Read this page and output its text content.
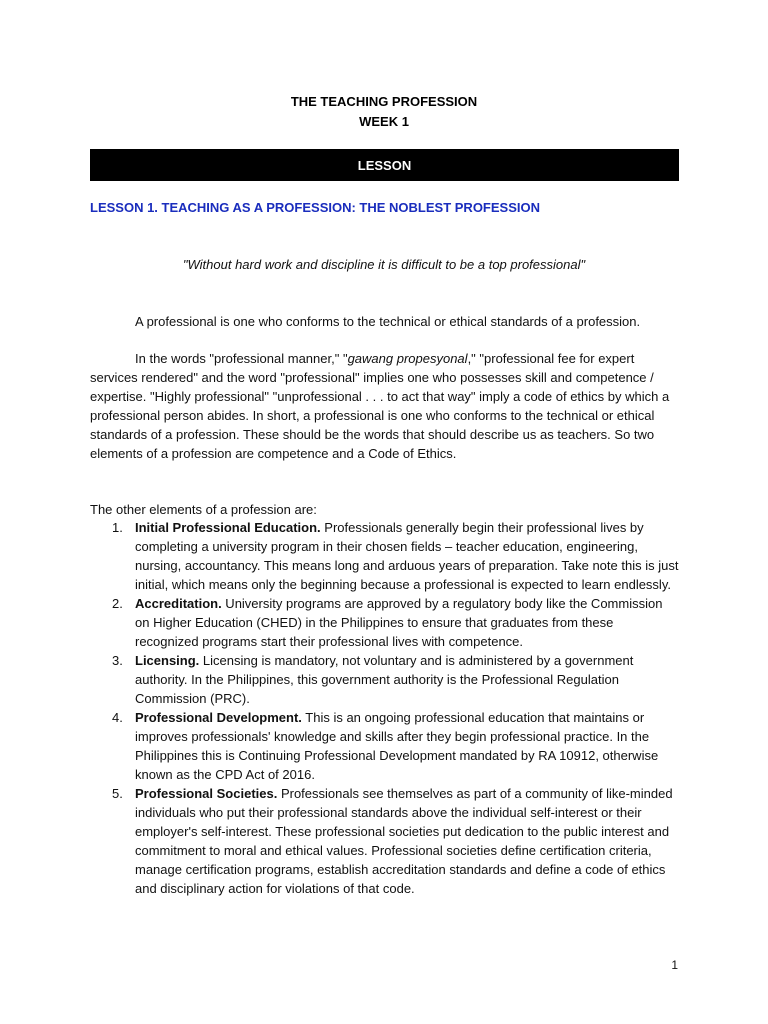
THE TEACHING PROFESSION
WEEK 1
LESSON
LESSON 1. TEACHING AS A PROFESSION: THE NOBLEST PROFESSION
"Without hard work and discipline it is difficult to be a top professional"

A professional is one who conforms to the technical or ethical standards of a profession.

In the words "professional manner," "gawang propesyonal," "professional fee for expert services rendered" and the word "professional" implies one who possesses skill and competence / expertise. "Highly professional" "unprofessional . . . to act that way" imply a code of ethics by which a professional person abides. In short, a professional is one who conforms to the technical or ethical standards of a profession. These should be the words that should describe us as teachers. So two elements of a profession are competence and a Code of Ethics.

The other elements of a profession are:

1. Initial Professional Education. Professionals generally begin their professional lives by completing a university program in their chosen fields – teacher education, engineering, nursing, accountancy. This means long and arduous years of preparation. Take note this is just initial, which means only the beginning because a professional is expected to learn endlessly.
2. Accreditation. University programs are approved by a regulatory body like the Commission on Higher Education (CHED) in the Philippines to ensure that graduates from these recognized programs start their professional lives with competence.
3. Licensing. Licensing is mandatory, not voluntary and is administered by a government authority. In the Philippines, this government authority is the Professional Regulation Commission (PRC).
4. Professional Development. This is an ongoing professional education that maintains or improves professionals' knowledge and skills after they begin professional practice. In the Philippines this is Continuing Professional Development mandated by RA 10912, otherwise known as the CPD Act of 2016.
5. Professional Societies. Professionals see themselves as part of a community of like-minded individuals who put their professional standards above the individual self-interest or their employer's self-interest. These professional societies put dedication to the public interest and commitment to moral and ethical values. Professional societies define certification criteria, manage certification programs, establish accreditation standards and define a code of ethics and disciplinary action for violations of that code.
1
